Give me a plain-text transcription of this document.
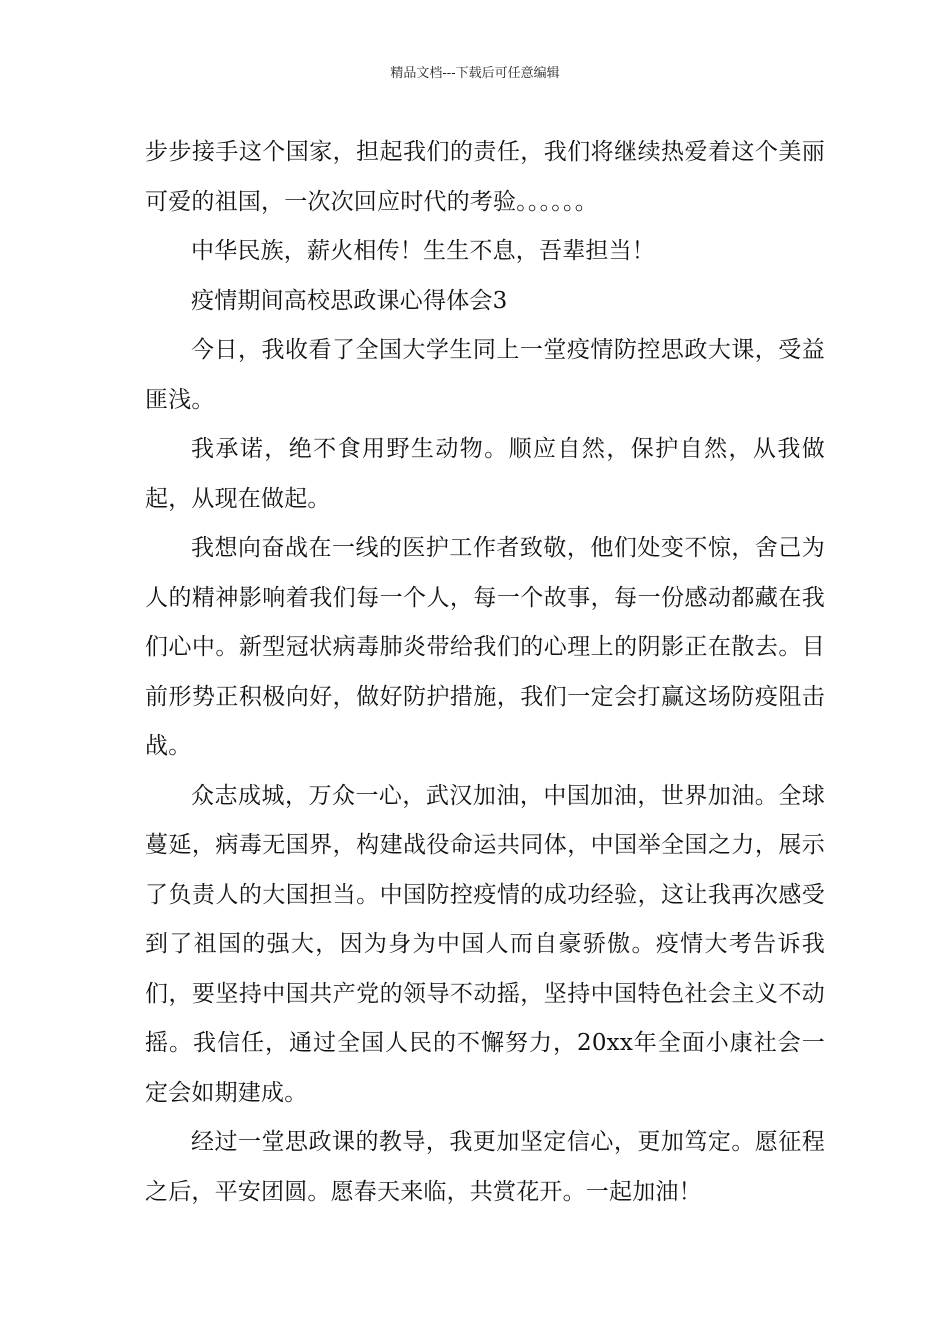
精品文档---下载后可任意编辑

步步接手这个国家，担起我们的责任，我们将继续热爱着这个美丽可爱的祖国，一次次回应时代的考验。。。。。。

中华民族，薪火相传！生生不息，吾辈担当！

疫情期间高校思政课心得体会3

今日，我收看了全国大学生同上一堂疫情防控思政大课，受益匪浅。

我承诺，绝不食用野生动物。顺应自然，保护自然，从我做起，从现在做起。

我想向奋战在一线的医护工作者致敬，他们处变不惊，舍己为人的精神影响着我们每一个人，每一个故事，每一份感动都藏在我们心中。新型冠状病毒肺炎带给我们的心理上的阴影正在散去。目前形势正积极向好，做好防护措施，我们一定会打赢这场防疫阻击战。

众志成城，万众一心，武汉加油，中国加油，世界加油。全球蔓延，病毒无国界，构建战役命运共同体，中国举全国之力，展示了负责人的大国担当。中国防控疫情的成功经验，这让我再次感受到了祖国的强大，因为身为中国人而自豪骄傲。疫情大考告诉我们，要坚持中国共产党的领导不动摇，坚持中国特色社会主义不动摇。我信任，通过全国人民的不懈努力，20xx年全面小康社会一定会如期建成。

经过一堂思政课的教导，我更加坚定信心，更加笃定。愿征程之后，平安团圆。愿春天来临，共赏花开。一起加油！
